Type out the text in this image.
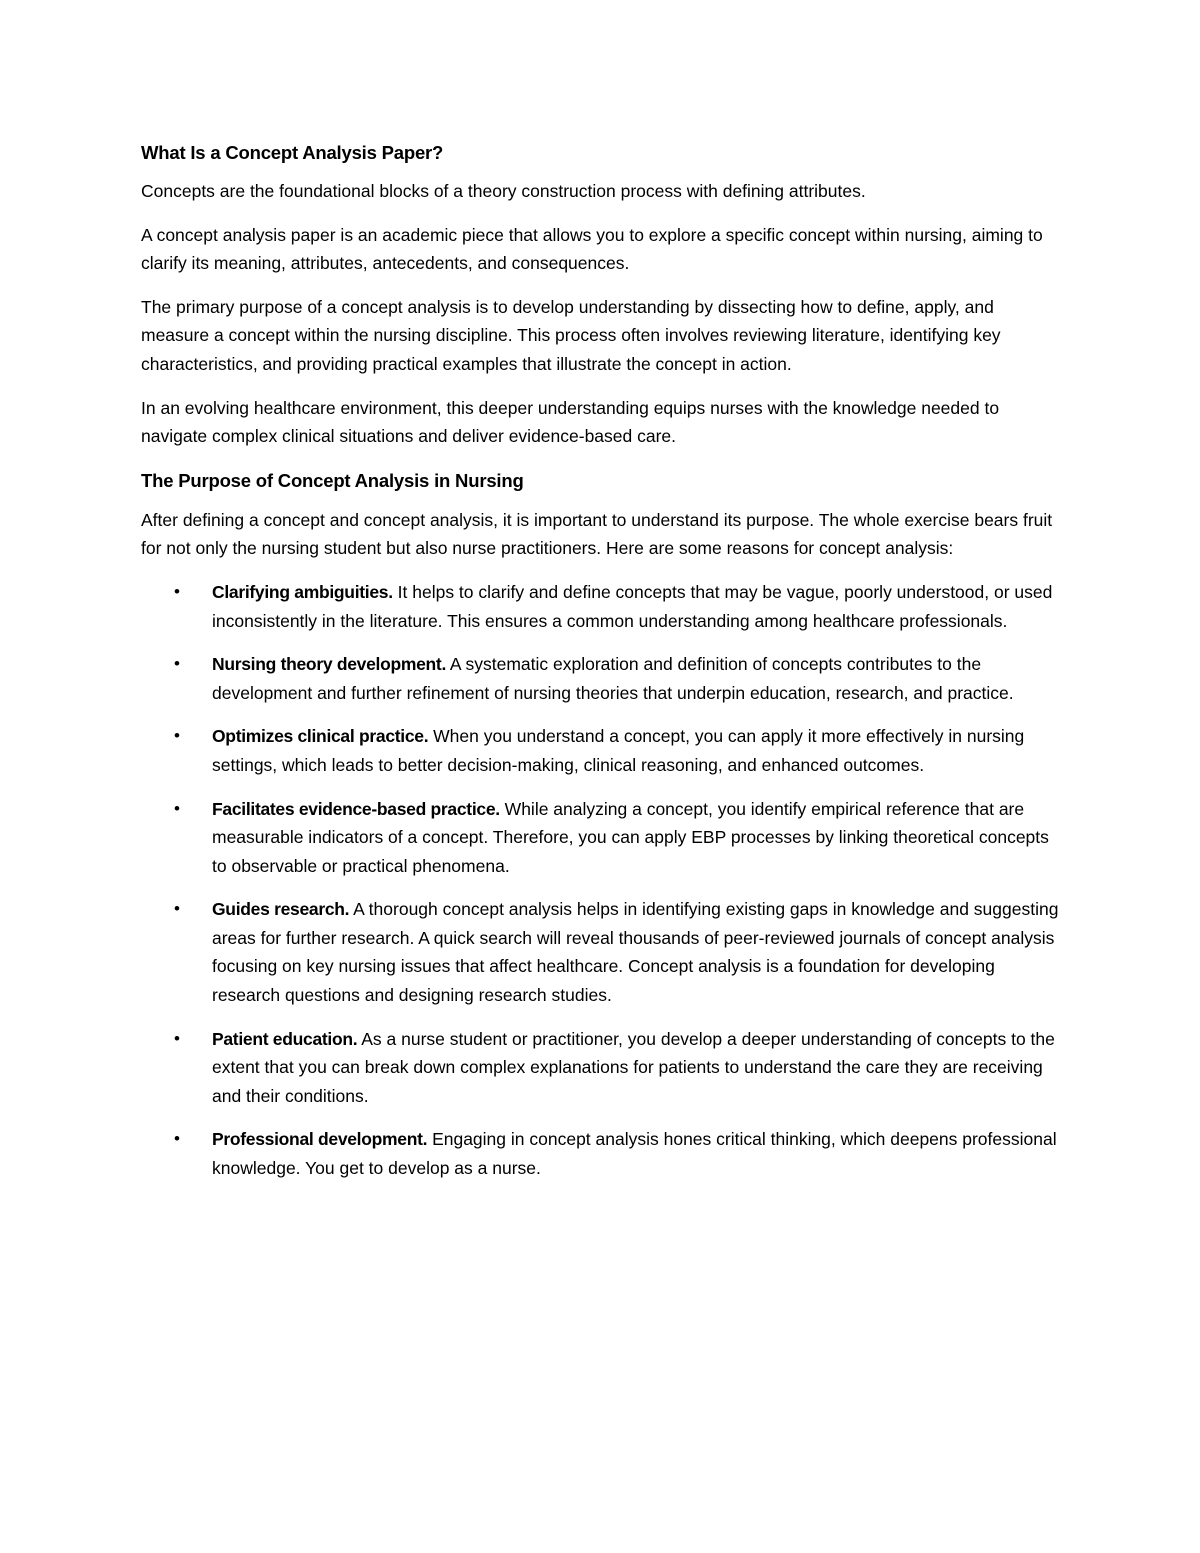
What Is a Concept Analysis Paper?

Concepts are the foundational blocks of a theory construction process with defining attributes.

A concept analysis paper is an academic piece that allows you to explore a specific concept within nursing, aiming to clarify its meaning, attributes, antecedents, and consequences.

The primary purpose of a concept analysis is to develop understanding by dissecting how to define, apply, and measure a concept within the nursing discipline. This process often involves reviewing literature, identifying key characteristics, and providing practical examples that illustrate the concept in action.

In an evolving healthcare environment, this deeper understanding equips nurses with the knowledge needed to navigate complex clinical situations and deliver evidence-based care.

The Purpose of Concept Analysis in Nursing

After defining a concept and concept analysis, it is important to understand its purpose. The whole exercise bears fruit for not only the nursing student but also nurse practitioners. Here are some reasons for concept analysis:

• Clarifying ambiguities. It helps to clarify and define concepts that may be vague, poorly understood, or used inconsistently in the literature. This ensures a common understanding among healthcare professionals.
• Nursing theory development. A systematic exploration and definition of concepts contributes to the development and further refinement of nursing theories that underpin education, research, and practice.
• Optimizes clinical practice. When you understand a concept, you can apply it more effectively in nursing settings, which leads to better decision-making, clinical reasoning, and enhanced outcomes.
• Facilitates evidence-based practice. While analyzing a concept, you identify empirical reference that are measurable indicators of a concept. Therefore, you can apply EBP processes by linking theoretical concepts to observable or practical phenomena.
• Guides research. A thorough concept analysis helps in identifying existing gaps in knowledge and suggesting areas for further research. A quick search will reveal thousands of peer-reviewed journals of concept analysis focusing on key nursing issues that affect healthcare. Concept analysis is a foundation for developing research questions and designing research studies.
• Patient education. As a nurse student or practitioner, you develop a deeper understanding of concepts to the extent that you can break down complex explanations for patients to understand the care they are receiving and their conditions.
• Professional development. Engaging in concept analysis hones critical thinking, which deepens professional knowledge. You get to develop as a nurse.
